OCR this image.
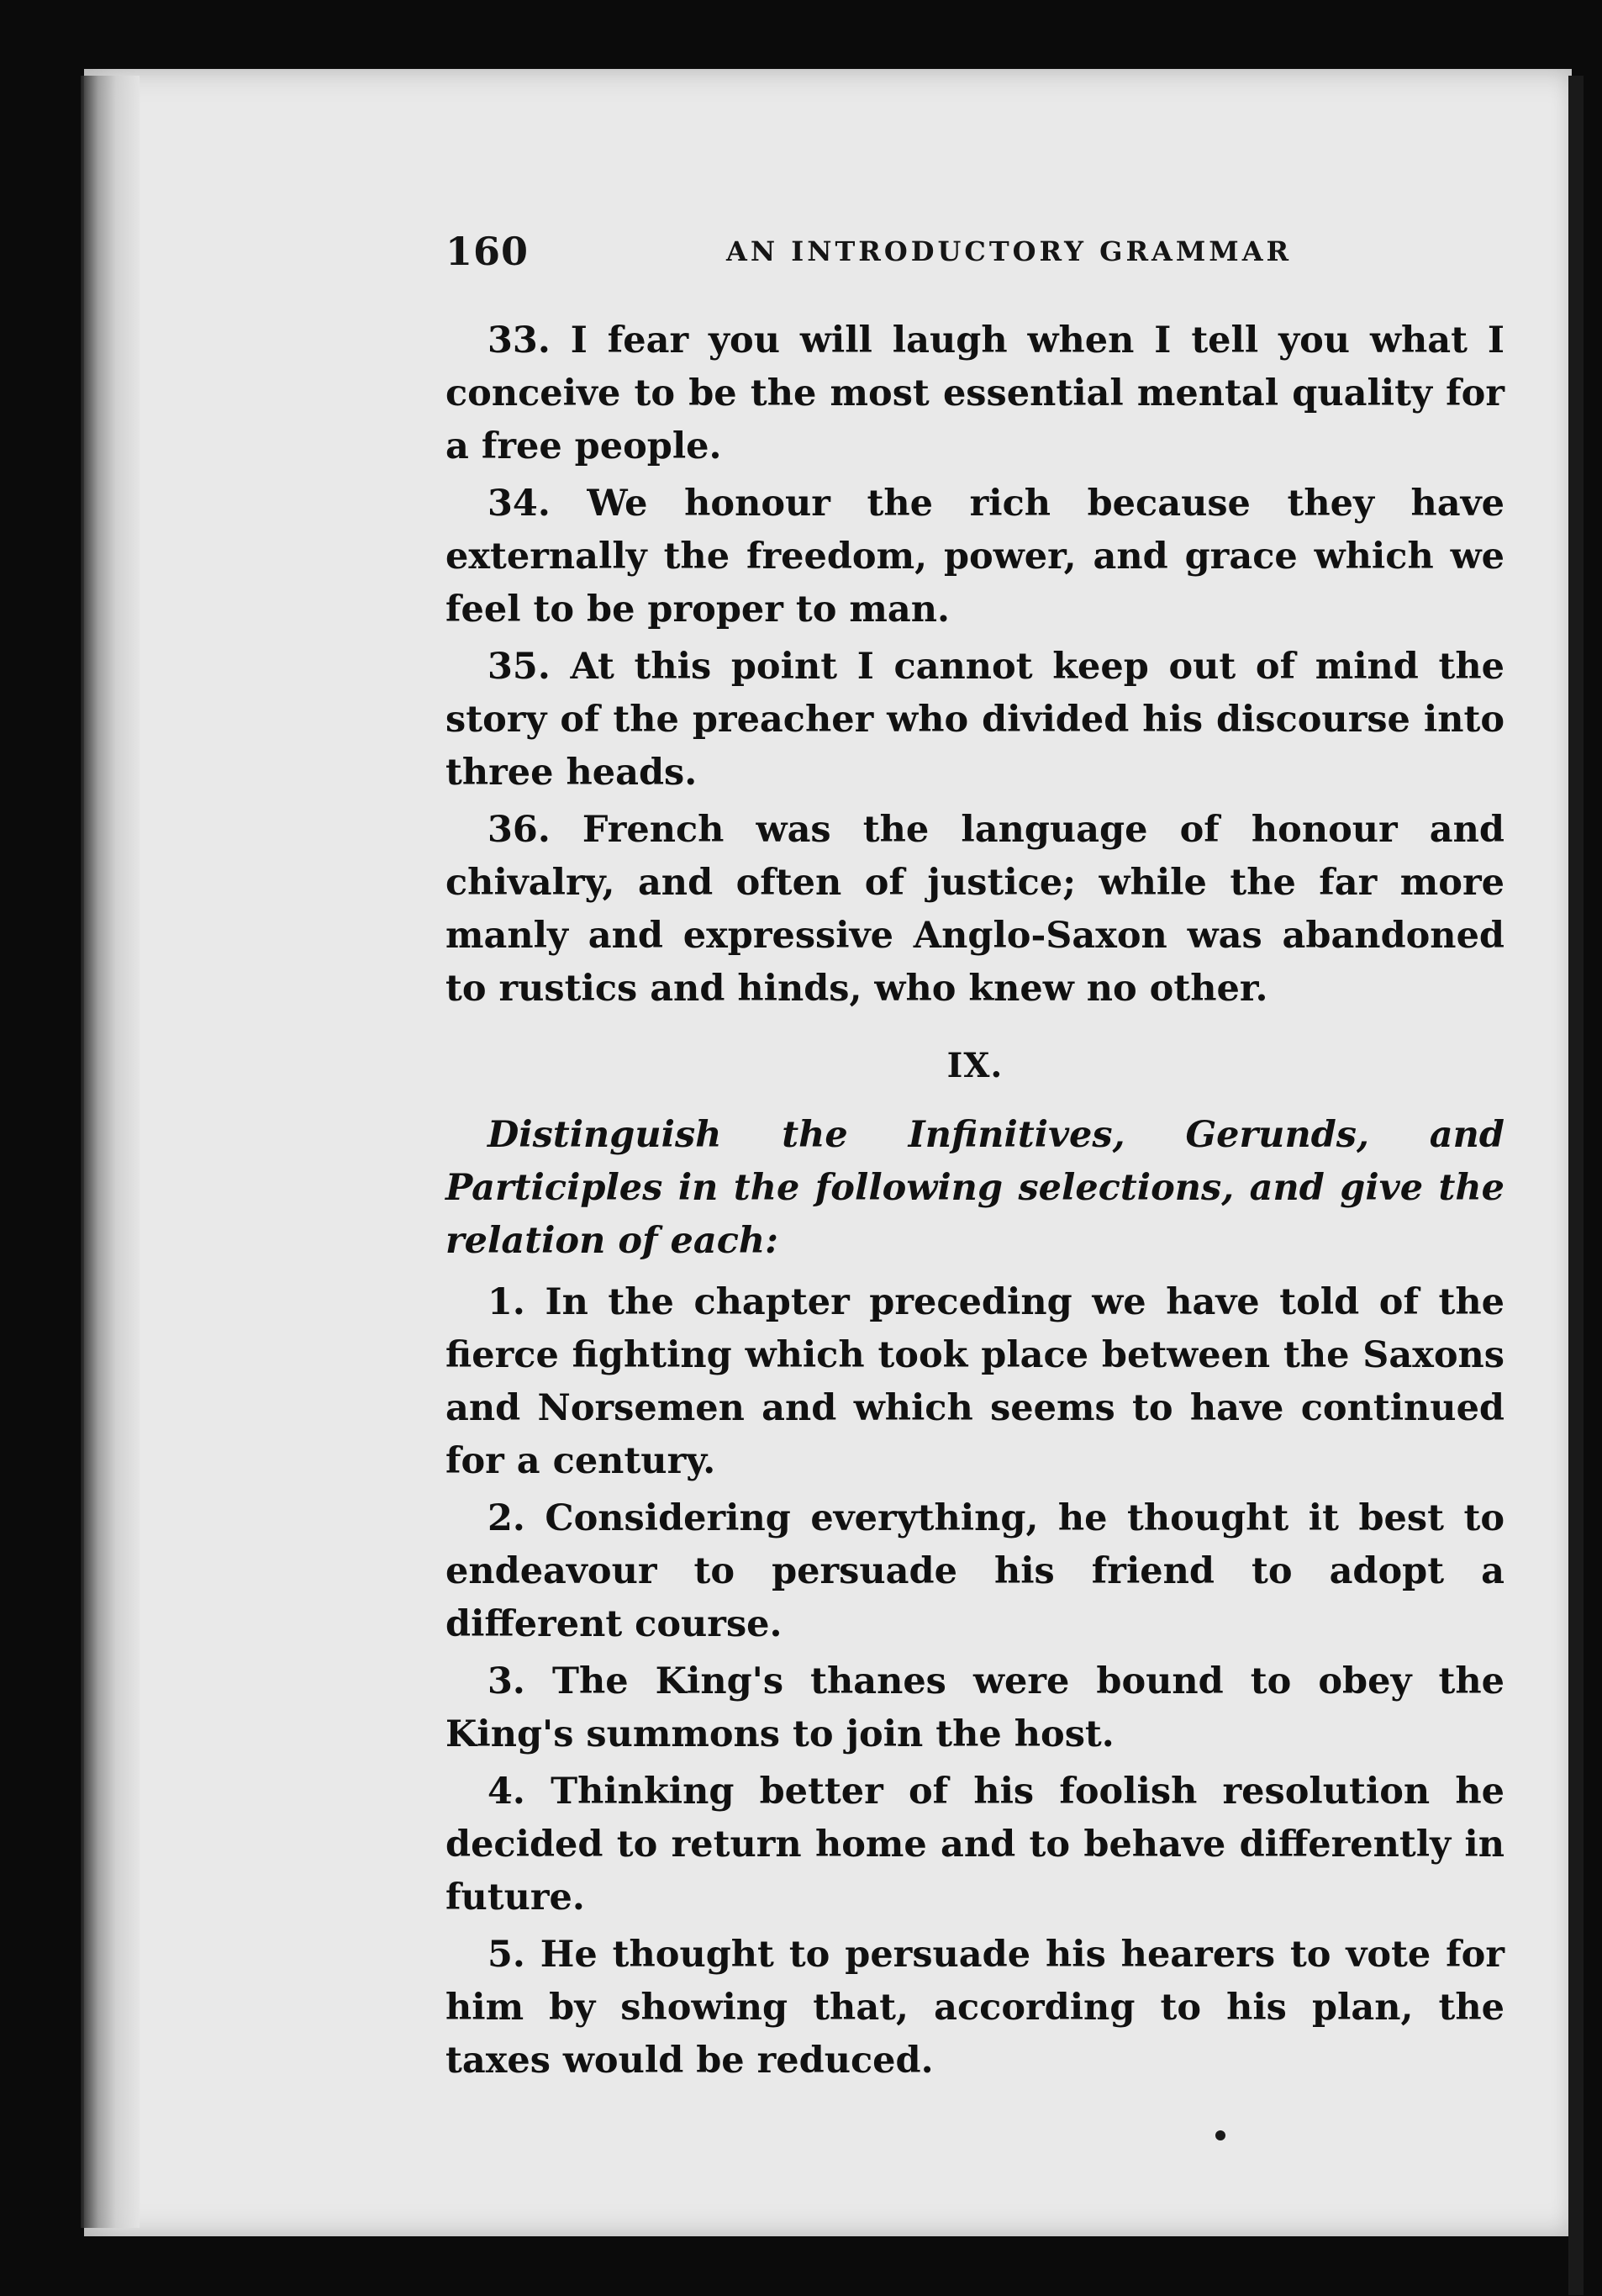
160	AN INTRODUCTORY GRAMMAR

33. I fear you will laugh when I tell you what I conceive to be the most essential mental quality for a free people.

34. We honour the rich because they have externally the freedom, power, and grace which we feel to be proper to man.

35. At this point I cannot keep out of mind the story of the preacher who divided his discourse into three heads.

36. French was the language of honour and chivalry, and often of justice; while the far more manly and expressive Anglo-Saxon was abandoned to rustics and hinds, who knew no other.

IX.

Distinguish the Infinitives, Gerunds, and Participles in the following selections, and give the relation of each:

1. In the chapter preceding we have told of the fierce fighting which took place between the Saxons and Norsemen and which seems to have continued for a century.

2. Considering everything, he thought it best to endeavour to persuade his friend to adopt a different course.

3. The King's thanes were bound to obey the King's summons to join the host.

4. Thinking better of his foolish resolution he decided to return home and to behave differently in future.

5. He thought to persuade his hearers to vote for him by showing that, according to his plan, the taxes would be reduced.
